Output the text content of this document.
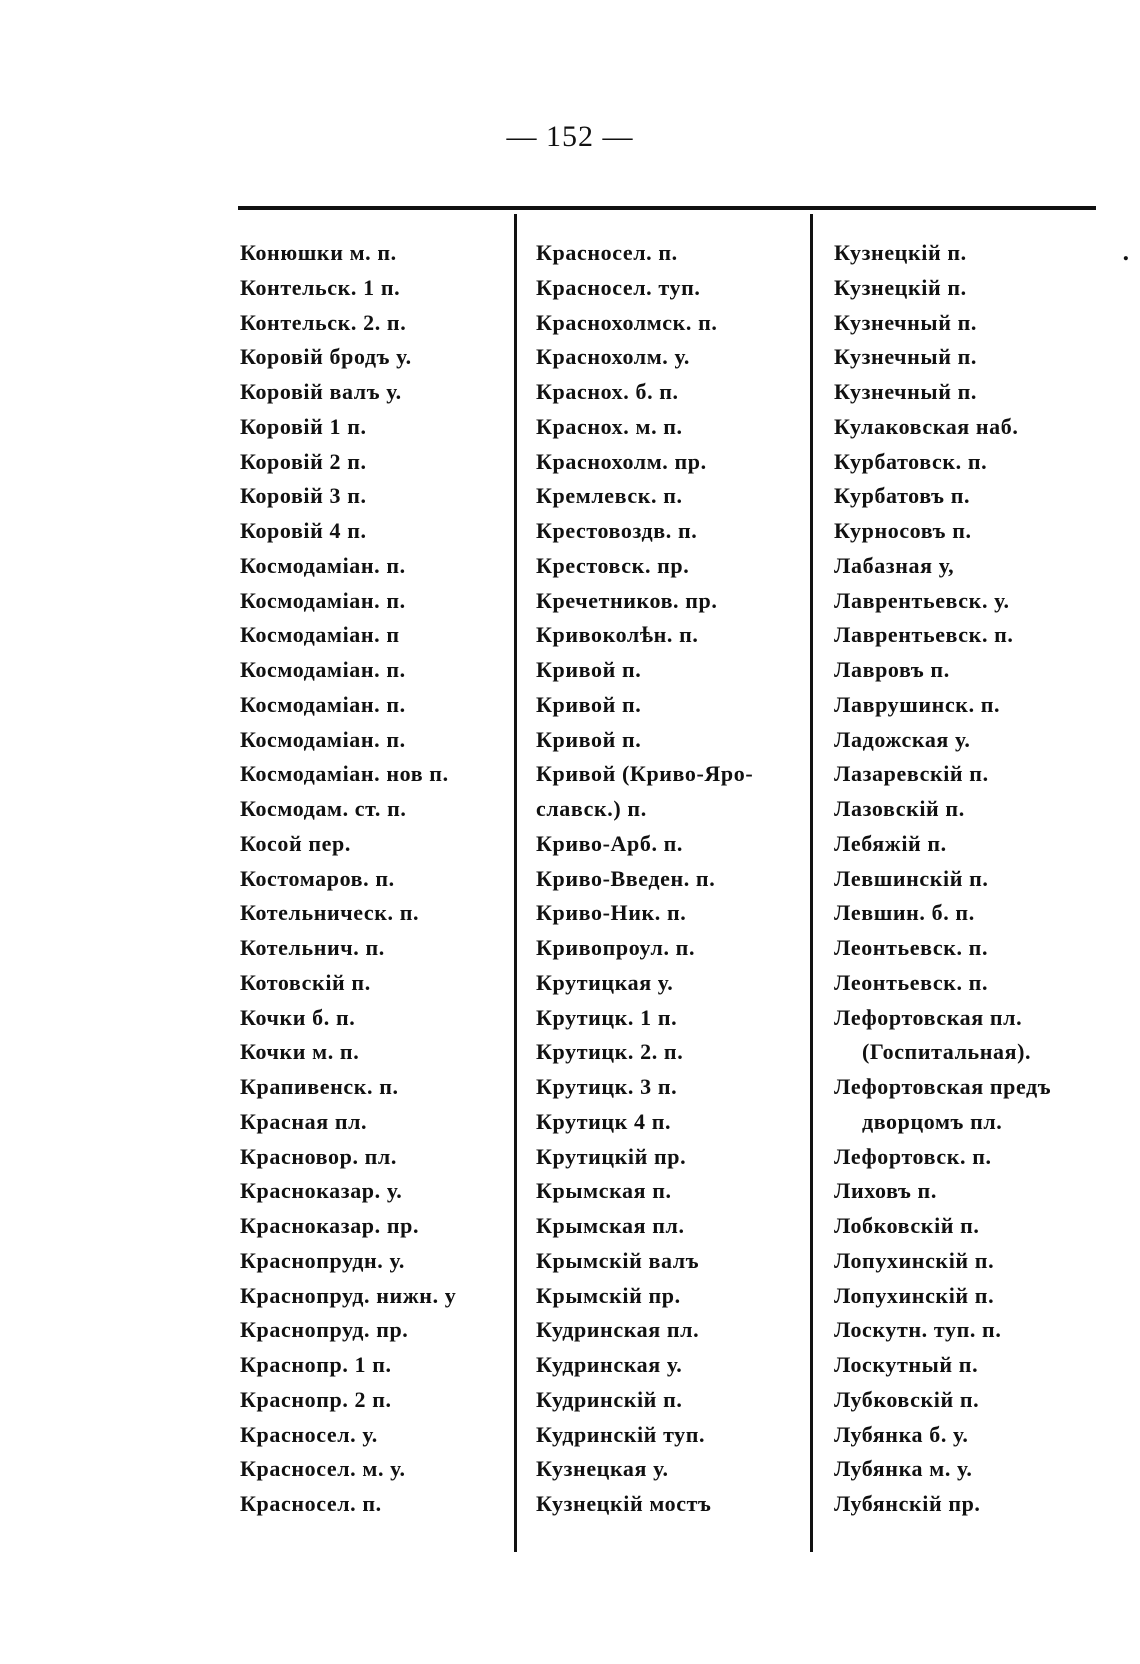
— 152 —
Конюшки м. п.
Контельск. 1 п.
Контельск. 2. п.
Коровій бродъ у.
Коровій валъ у.
Коровій 1 п.
Коровій 2 п.
Коровій 3 п.
Коровій 4 п.
Космодаміан. п.
Космодаміан. п.
Космодаміан. п
Космодаміан. п.
Космодаміан. п.
Космодаміан. п.
Космодаміан. нов п.
Космодам. ст. п.
Косой пер.
Костомаров. п.
Котельническ. п.
Котельнич. п.
Котовскій п.
Кочки б. п.
Кочки м. п.
Крапивенск. п.
Красная пл.
Красновор. пл.
Красноказар. у.
Красноказар. пр.
Краснопрудн. у.
Краснопруд. нижн. у
Краснопруд. пр.
Краснопр. 1 п.
Краснопр. 2 п.
Красносел. у.
Красносел. м. у.
Красносел. п.
Красносел. п.
Красносел. туп.
Краснохолмск. п.
Краснохолм. у.
Краснох. б. п.
Краснох. м. п.
Краснохолм. пр.
Кремлевск. п.
Крестовоздв. п.
Крестовск. пр.
Кречетников. пр.
Кривоколѣн. п.
Кривой п.
Кривой п.
Кривой п.
Кривой (Криво-Яро-
славск.) п.
Криво-Арб. п.
Криво-Введен. п.
Криво-Ник. п.
Кривопроул. п.
Крутицкая у.
Крутицк. 1 п.
Крутицк. 2. п.
Крутицк. 3 п.
Крутицк 4 п.
Крутицкій пр.
Крымская п.
Крымская пл.
Крымскій валъ
Крымскій пр.
Кудринская пл.
Кудринская у.
Кудринскій п.
Кудринскій туп.
Кузнецкая у.
Кузнецкій мостъ
Кузнецкій п.
Кузнецкій п.
Кузнечный п.
Кузнечный п.
Кузнечный п.
Кулаковская наб.
Курбатовск. п.
Курбатовъ п.
Курносовъ п.
Лабазная у,
Лаврентьевск. у.
Лаврентьевск. п.
Лавровъ п.
Лаврушинск. п.
Ладожская у.
Лазаревскій п.
Лазовскій п.
Лебяжій п.
Левшинскій п.
Левшин. б. п.
Леонтьевск. п.
Леонтьевск. п.
Лефортовская пл.
(Госпитальная).
Лефортовская предъ
дворцомъ пл.
Лефортовск. п.
Лиховъ п.
Лобковскій п.
Лопухинскій п.
Лопухинскій п.
Лоскутн. туп. п.
Лоскутный п.
Лубковскій п.
Лубянка б. у.
Лубянка м. у.
Лубянскій пр.
.
